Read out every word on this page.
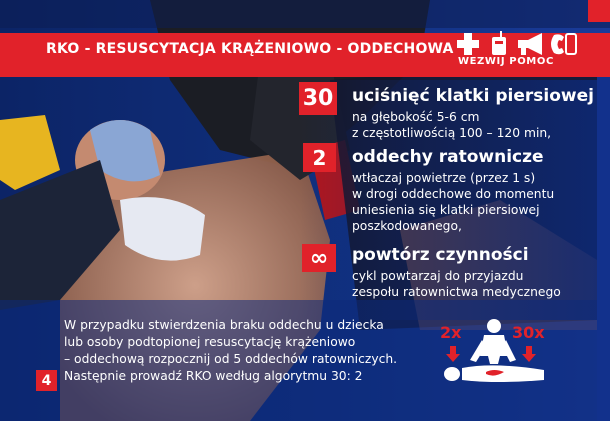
RKO - RESUSCYTACJA KRĄŻENIOWO - ODDECHOWA
WEZWIJ POMOC
30 uciśnięć klatki piersiowej
na głębokość 5-6 cm
z częstotliwością 100 – 120 min,
2	oddechy ratownicze
wtłaczaj powietrze (przez 1 s)
w drogi oddechowe do momentu
uniesienia się klatki piersiowej
poszkodowanego,
∞	powtórz czynności
cykl powtarzaj do przyjazdu
zespołu ratownictwa medycznego
W przypadku stwierdzenia braku oddechu u dziecka
lub osoby podtopionej resuscytację krążeniowo
– oddechową rozpocznij od 5 oddechów ratowniczych.
Następnie prowadź RKO według algorytmu 30: 2
4
2x	30x
